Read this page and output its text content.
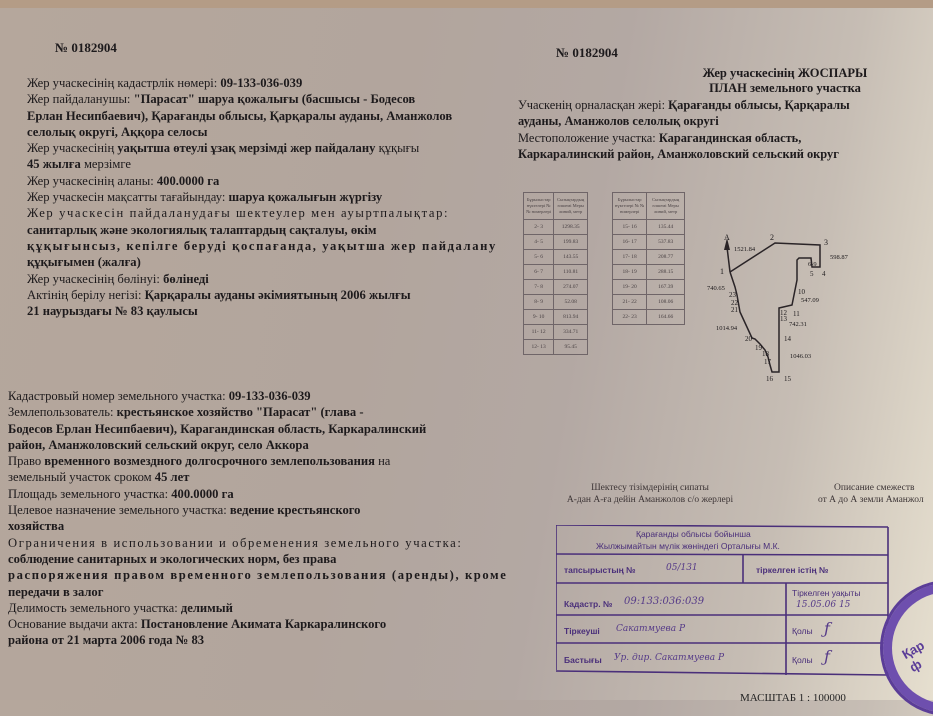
№ 0182904
Жер учаскесінің кадастрлік нөмері: 09-133-036-039
Жер пайдаланушы: "Парасат" шаруа қожалығы (басшысы - Бодесов
Ерлан Несипбаевич), Қарағанды облысы, Қарқаралы ауданы, Аманжолов
селолық округі, Аққора селосы
Жер учаскесінің уақытша өтеулі ұзақ мерзімді жер пайдалану құқығы
45 жылға мерзімге
Жер учаскесінің аланы: 400.0000 га
Жер учаскесін мақсатты тағайындау: шаруа қожалығын жүргізу
Жер учаскесін пайдаланудағы шектеулер мен ауыртпалықтар:
санитарлық және экологиялық талаптардың сақталуы, өкім
құқығынсыз, кепілге беруді қоспағанда, уақытша жер пайдалану
құқығымен (жалға)
Жер учаскесінің бөлінуі: бөлінеді
Актінің берілу негізі: Қарқаралы ауданы әкімиятының 2006 жылғы
21 наурыздағы № 83 қаулысы
Кадастровый номер земельного участка: 09-133-036-039
Землепользователь: крестьянское хозяйство "Парасат" (глава -
Бодесов Ерлан Несипбаевич), Карагандинская область, Каркаралинский
район, Аманжоловский сельский округ, село Аккора
Право временного возмездного долгосрочного землепользования на
земельный участок сроком 45 лет
Площадь земельного участка: 400.0000 га
Целевое назначение земельного участка: ведение крестьянского
хозяйства
Ограничения в использовании и обременения земельного участка:
соблюдение санитарных и экологических норм, без права
распоряжения правом временного землепользования (аренды), кроме
передачи в залог
Делимость земельного участка: делимый
Основание выдачи акта: Постановление Акимата Каркаралинского
района от 21 марта 2006 года № 83
№ 0182904
Жер учаскесінің ЖОСПАРЫ
ПЛАН земельного участка
Учаскенің орналасқан жері: Қарағанды облысы, Қарқаралы
ауданы, Аманжолов селолық округі
Местоположение участка: Карагандинская область,
Каркаралинский район, Аманжоловский сельский округ
Бұрылыстар нүктелері № № номерлері	Сызықтардың өлшемі Меры линий, метр
2- 3	1298.35
4- 5	199.83
5- 6	143.55
6- 7	110.81
7- 8	274.07
8- 9	52.08
9- 10	813.94
11- 12	334.71
12- 13	95.45
Бұрылыстар нүктелері № № номерлері	Сызықтардың өлшемі Меры линий, метр
15- 16	135.44
16- 17	537.83
17- 18	208.77
18- 19	288.15
19- 20	167.39
21- 22	108.06
22- 23	164.66
A
1
2
3
4
5
6-9
10
11
12
13
14
15
16
17
18
19
20
21
22
23
1521.84
598.87
740.65
547.09
742.31
1014.94
1046.03
Шектесу тізімдерінің сипаты
А-дан А-ға дейін Аманжолов с/о жерлері
Описание смежеств
от А до А земли Аманжол
Қарағанды облысы бойынша
Жылжымайтын мүлік жөніндегі Орталығы М.К.
тапсырыстың №	05/131	тіркелген істің №
Кадастр. № 09:133:036:039
Тіркелген уақыты
15.05.06 15
Тіркеуші Сакатмуева Р	Қолы ƒ
Бастығы Ур. дир. Сакатмуева Р	Қолы ƒ	Қар ф
МАСШТАБ 1 : 100000
